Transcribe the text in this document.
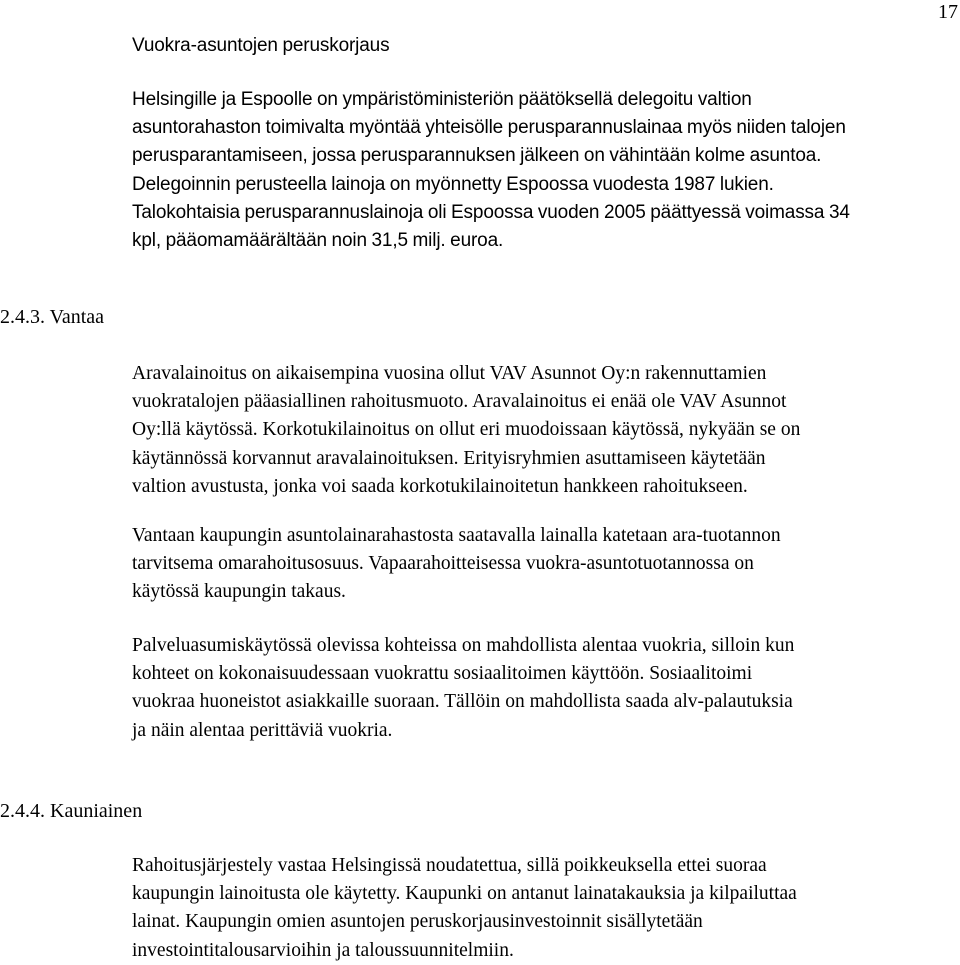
17
Vuokra-asuntojen peruskorjaus

Helsingille ja Espoolle on ympäristöministeriön päätöksellä delegoitu valtion
asuntorahaston toimivalta myöntää yhteisölle perusparannuslainaa myös niiden talojen
perusparantamiseen, jossa perusparannuksen jälkeen on vähintään kolme asuntoa.
Delegoinnin perusteella lainoja on myönnetty Espoossa vuodesta 1987 lukien.
Talokohtaisia perusparannuslainoja oli Espoossa vuoden 2005 päättyessä voimassa 34
kpl, pääomamäärältään noin 31,5 milj. euroa.

2.4.3. Vantaa

Aravalainoitus on aikaisempina vuosina ollut VAV Asunnot Oy:n rakennuttamien
vuokratalojen pääasiallinen rahoitusmuoto. Aravalainoitus ei enää ole VAV Asunnot
Oy:llä käytössä. Korkotukilainoitus on ollut eri muodoissaan käytössä, nykyään se on
käytännössä korvannut aravalainoituksen. Erityisryhmien asuttamiseen käytetään
valtion avustusta, jonka voi saada korkotukilainoitetun hankkeen rahoitukseen.

Vantaan kaupungin asuntolainarahastosta saatavalla lainalla katetaan ara-tuotannon
tarvitsema omarahoitusosuus. Vapaarahoitteisessa vuokra-asuntotuotannossa on
käytössä kaupungin takaus.

Palveluasumiskäytössä olevissa kohteissa on mahdollista alentaa vuokria, silloin kun
kohteet on kokonaisuudessaan vuokrattu sosiaalitoimen käyttöön. Sosiaalitoimi
vuokraa huoneistot asiakkaille suoraan. Tällöin on mahdollista saada alv-palautuksia
ja näin alentaa perittäviä vuokria.

2.4.4. Kauniainen

Rahoitusjärjestely vastaa Helsingissä noudatettua, sillä poikkeuksella ettei suoraa
kaupungin lainoitusta ole käytetty. Kaupunki on antanut lainatakauksia ja kilpailuttaa
lainat. Kaupungin omien asuntojen peruskorjausinvestoinnit sisällytetään
investointitalousarvioihin ja taloussuunnitelmiin.
